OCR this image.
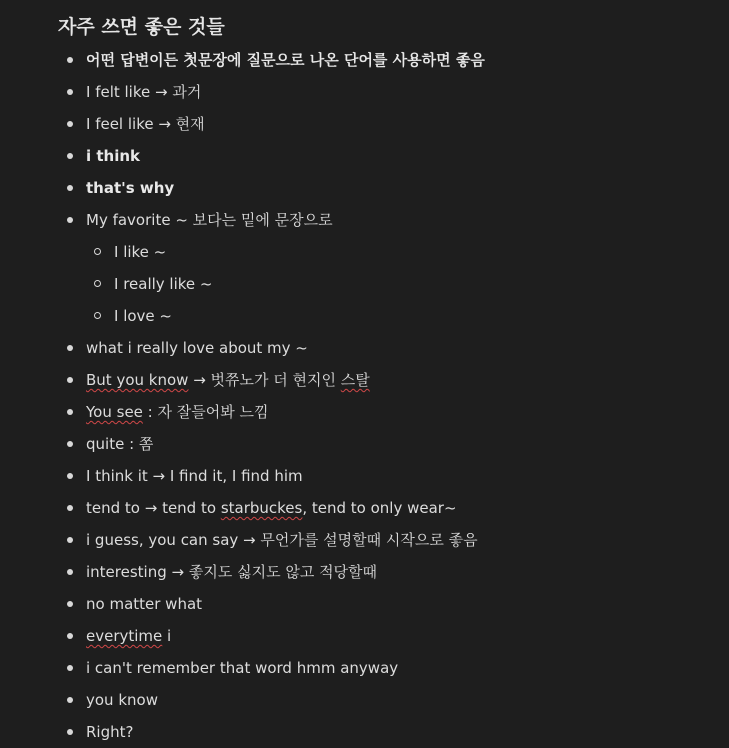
자주 쓰면 좋은 것들
어떤 답변이든 첫문장에 질문으로 나온 단어를 사용하면 좋음
I felt like → 과거
I feel like → 현재
i think
that's why
My favorite ~ 보다는 밑에 문장으로
I like ~
I really like ~
I love ~
what i really love about my ~
But you know → 벗쮸노가 더 현지인 스탈
You see : 자 잘들어봐 느낌
quite : 쫌
I think it → I find it, I find him
tend to → tend to starbuckes, tend to only wear~
i guess, you can say → 무언가를 설명할때 시작으로 좋음
interesting → 좋지도 싫지도 않고 적당할때
no matter what
everytime i
i can't remember that word hmm anyway
you know
Right?
